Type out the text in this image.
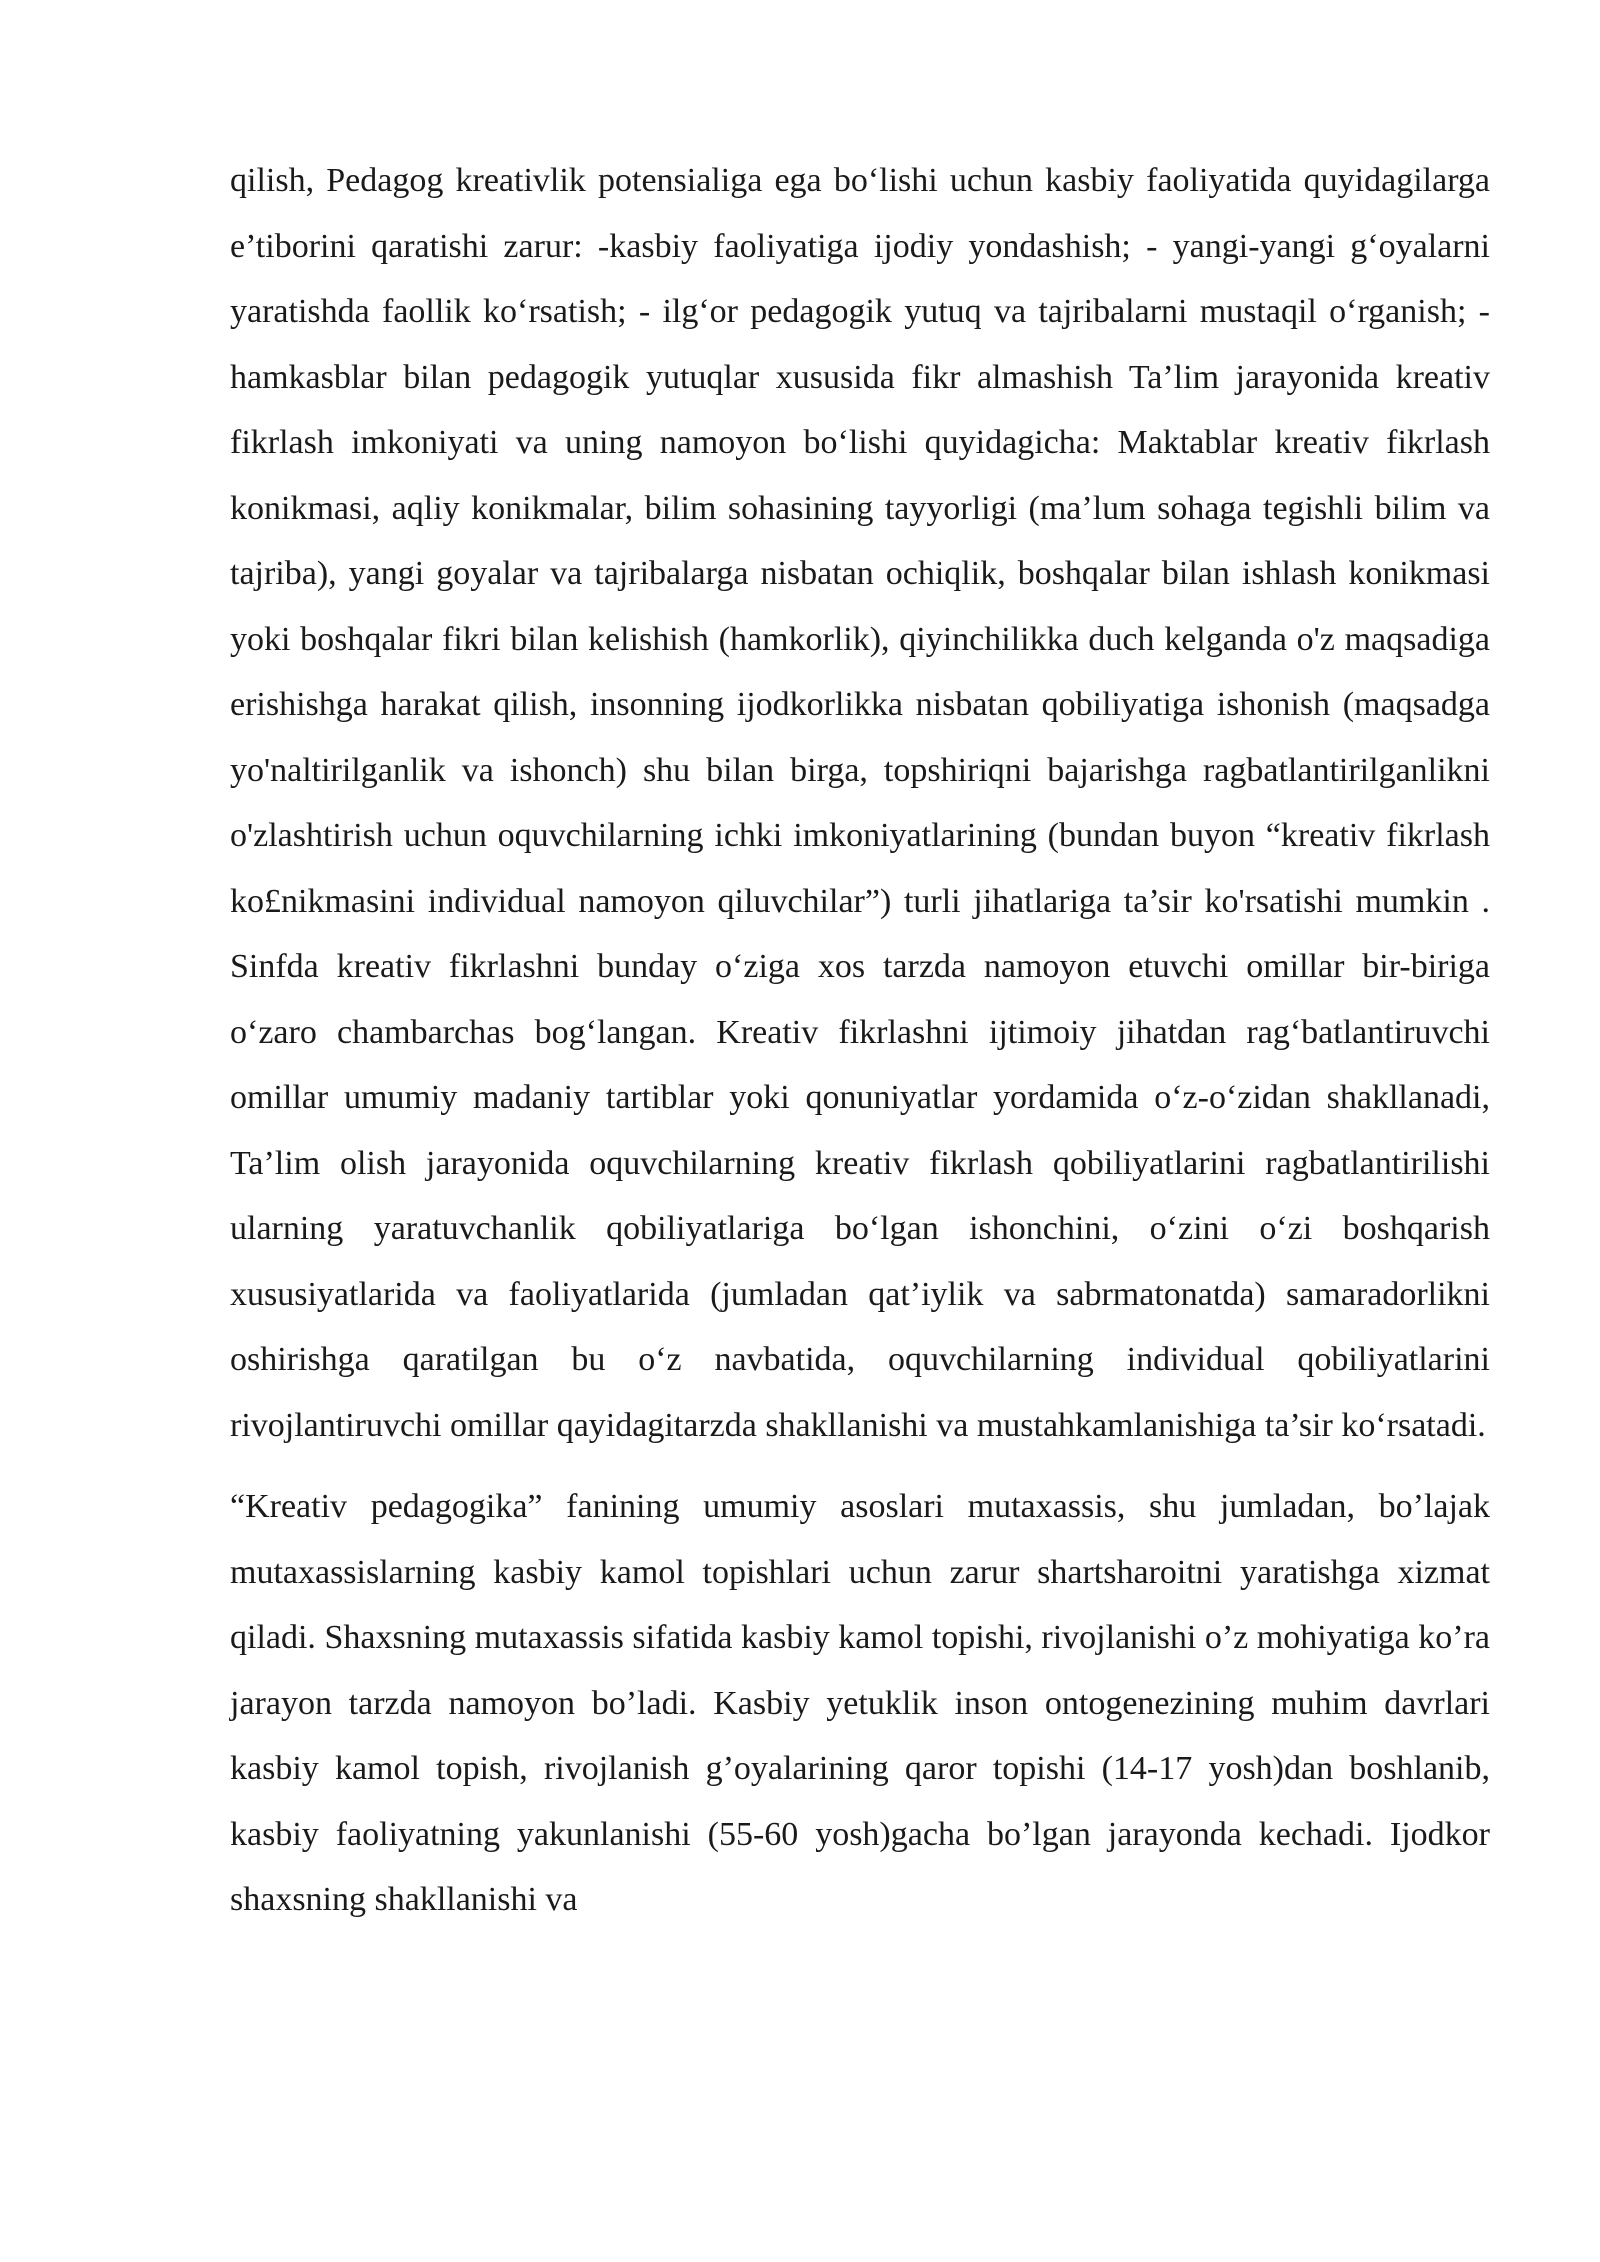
qilish, Pedagog kreativlik potensialiga ega bo‘lishi uchun kasbiy faoliyatida quyidagilarga e’tiborini qaratishi zarur: -kasbiy faoliyatiga ijodiy yondashish; - yangi-yangi g‘oyalarni yaratishda faollik ko‘rsatish; - ilg‘or pedagogik yutuq va tajribalarni mustaqil o‘rganish; - hamkasblar bilan pedagogik yutuqlar xususida fikr almashish Ta’lim jarayonida kreativ fikrlash imkoniyati va uning namoyon bo‘lishi quyidagicha: Maktablar kreativ fikrlash konikmasi, aqliy konikmalar, bilim sohasining tayyorligi (ma’lum sohaga tegishli bilim va tajriba), yangi goyalar va tajribalarga nisbatan ochiqlik, boshqalar bilan ishlash konikmasi yoki boshqalar fikri bilan kelishish (hamkorlik), qiyinchilikka duch kelganda o'z maqsadiga erishishga harakat qilish, insonning ijodkorlikka nisbatan qobiliyatiga ishonish (maqsadga yo'naltirilganlik va ishonch) shu bilan birga, topshiriqni bajarishga ragbatlantirilganlikni o'zlashtirish uchun oquvchilarning ichki imkoniyatlarining (bundan buyon “kreativ fikrlash ko£nikmasini individual namoyon qiluvchilar”) turli jihatlariga ta’sir ko'rsatishi mumkin . Sinfda kreativ fikrlashni bunday o‘ziga xos tarzda namoyon etuvchi omillar bir-biriga o‘zaro chambarchas bog‘langan. Kreativ fikrlashni ijtimoiy jihatdan rag‘batlantiruvchi omillar umumiy madaniy tartiblar yoki qonuniyatlar yordamida o‘z-o‘zidan shakllanadi, Ta’lim olish jarayonida oquvchilarning kreativ fikrlash qobiliyatlarini ragbatlantirilishi ularning yaratuvchanlik qobiliyatlariga bo‘lgan ishonchini, o‘zini o‘zi boshqarish xususiyatlarida va faoliyatlarida (jumladan qat’iylik va sabrmatonatda) samaradorlikni oshirishga qaratilgan bu o‘z navbatida, oquvchilarning individual qobiliyatlarini rivojlantiruvchi omillar qayidagitarzda shakllanishi va mustahkamlanishiga ta’sir ko‘rsatadi.

“Kreativ pedagogika” fanining umumiy asoslari mutaxassis, shu jumladan, bo’lajak mutaxassislarning kasbiy kamol topishlari uchun zarur shartsharoitni yaratishga xizmat qiladi. Shaxsning mutaxassis sifatida kasbiy kamol topishi, rivojlanishi o’z mohiyatiga ko’ra jarayon tarzda namoyon bo’ladi. Kasbiy yetuklik inson ontogenezining muhim davrlari kasbiy kamol topish, rivojlanish g’oyalarining qaror topishi (14-17 yosh)dan boshlanib, kasbiy faoliyatning yakunlanishi (55-60 yosh)gacha bo’lgan jarayonda kechadi. Ijodkor shaxsning shakllanishi va
